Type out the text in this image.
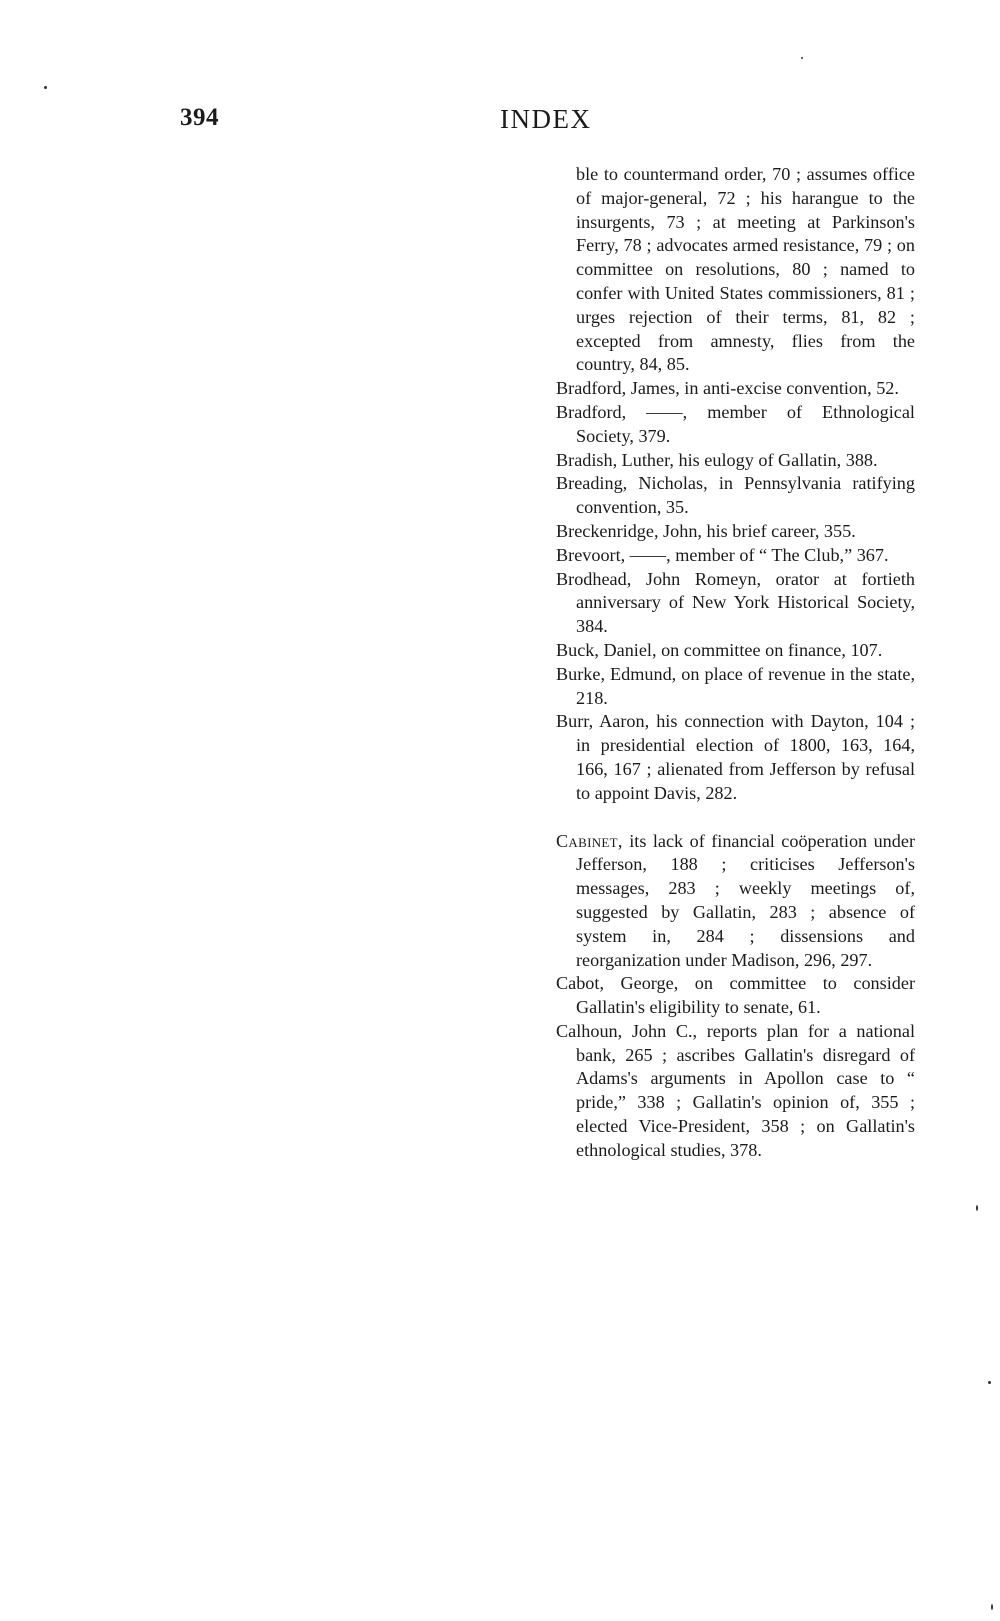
394	INDEX
ble to countermand order, 70 ; assumes office of major-general, 72 ; his harangue to the insurgents, 73 ; at meeting at Parkinson's Ferry, 78 ; advocates armed resistance, 79 ; on committee on resolutions, 80 ; named to confer with United States commissioners, 81 ; urges rejection of their terms, 81, 82 ; excepted from amnesty, flies from the country, 84, 85.
Bradford, James, in anti-excise convention, 52.
Bradford, ——, member of Ethnological Society, 379.
Bradish, Luther, his eulogy of Gallatin, 388.
Breading, Nicholas, in Pennsylvania ratifying convention, 35.
Breckenridge, John, his brief career, 355.
Brevoort, ——, member of “ The Club,” 367.
Brodhead, John Romeyn, orator at fortieth anniversary of New York Historical Society, 384.
Buck, Daniel, on committee on finance, 107.
Burke, Edmund, on place of revenue in the state, 218.
Burr, Aaron, his connection with Dayton, 104 ; in presidential election of 1800, 163, 164, 166, 167 ; alienated from Jefferson by refusal to appoint Davis, 282.
Cabinet, its lack of financial coöperation under Jefferson, 188 ; criticises Jefferson's messages, 283 ; weekly meetings of, suggested by Gallatin, 283 ; absence of system in, 284 ; dissensions and reorganization under Madison, 296, 297.
Cabot, George, on committee to consider Gallatin's eligibility to senate, 61.
Calhoun, John C., reports plan for a national bank, 265 ; ascribes Gallatin's disregard of Adams's arguments in Apollon case to “ pride,” 338 ; Gallatin's opinion of, 355 ; elected Vice-President, 358 ; on Gallatin's ethnological studies, 378.
